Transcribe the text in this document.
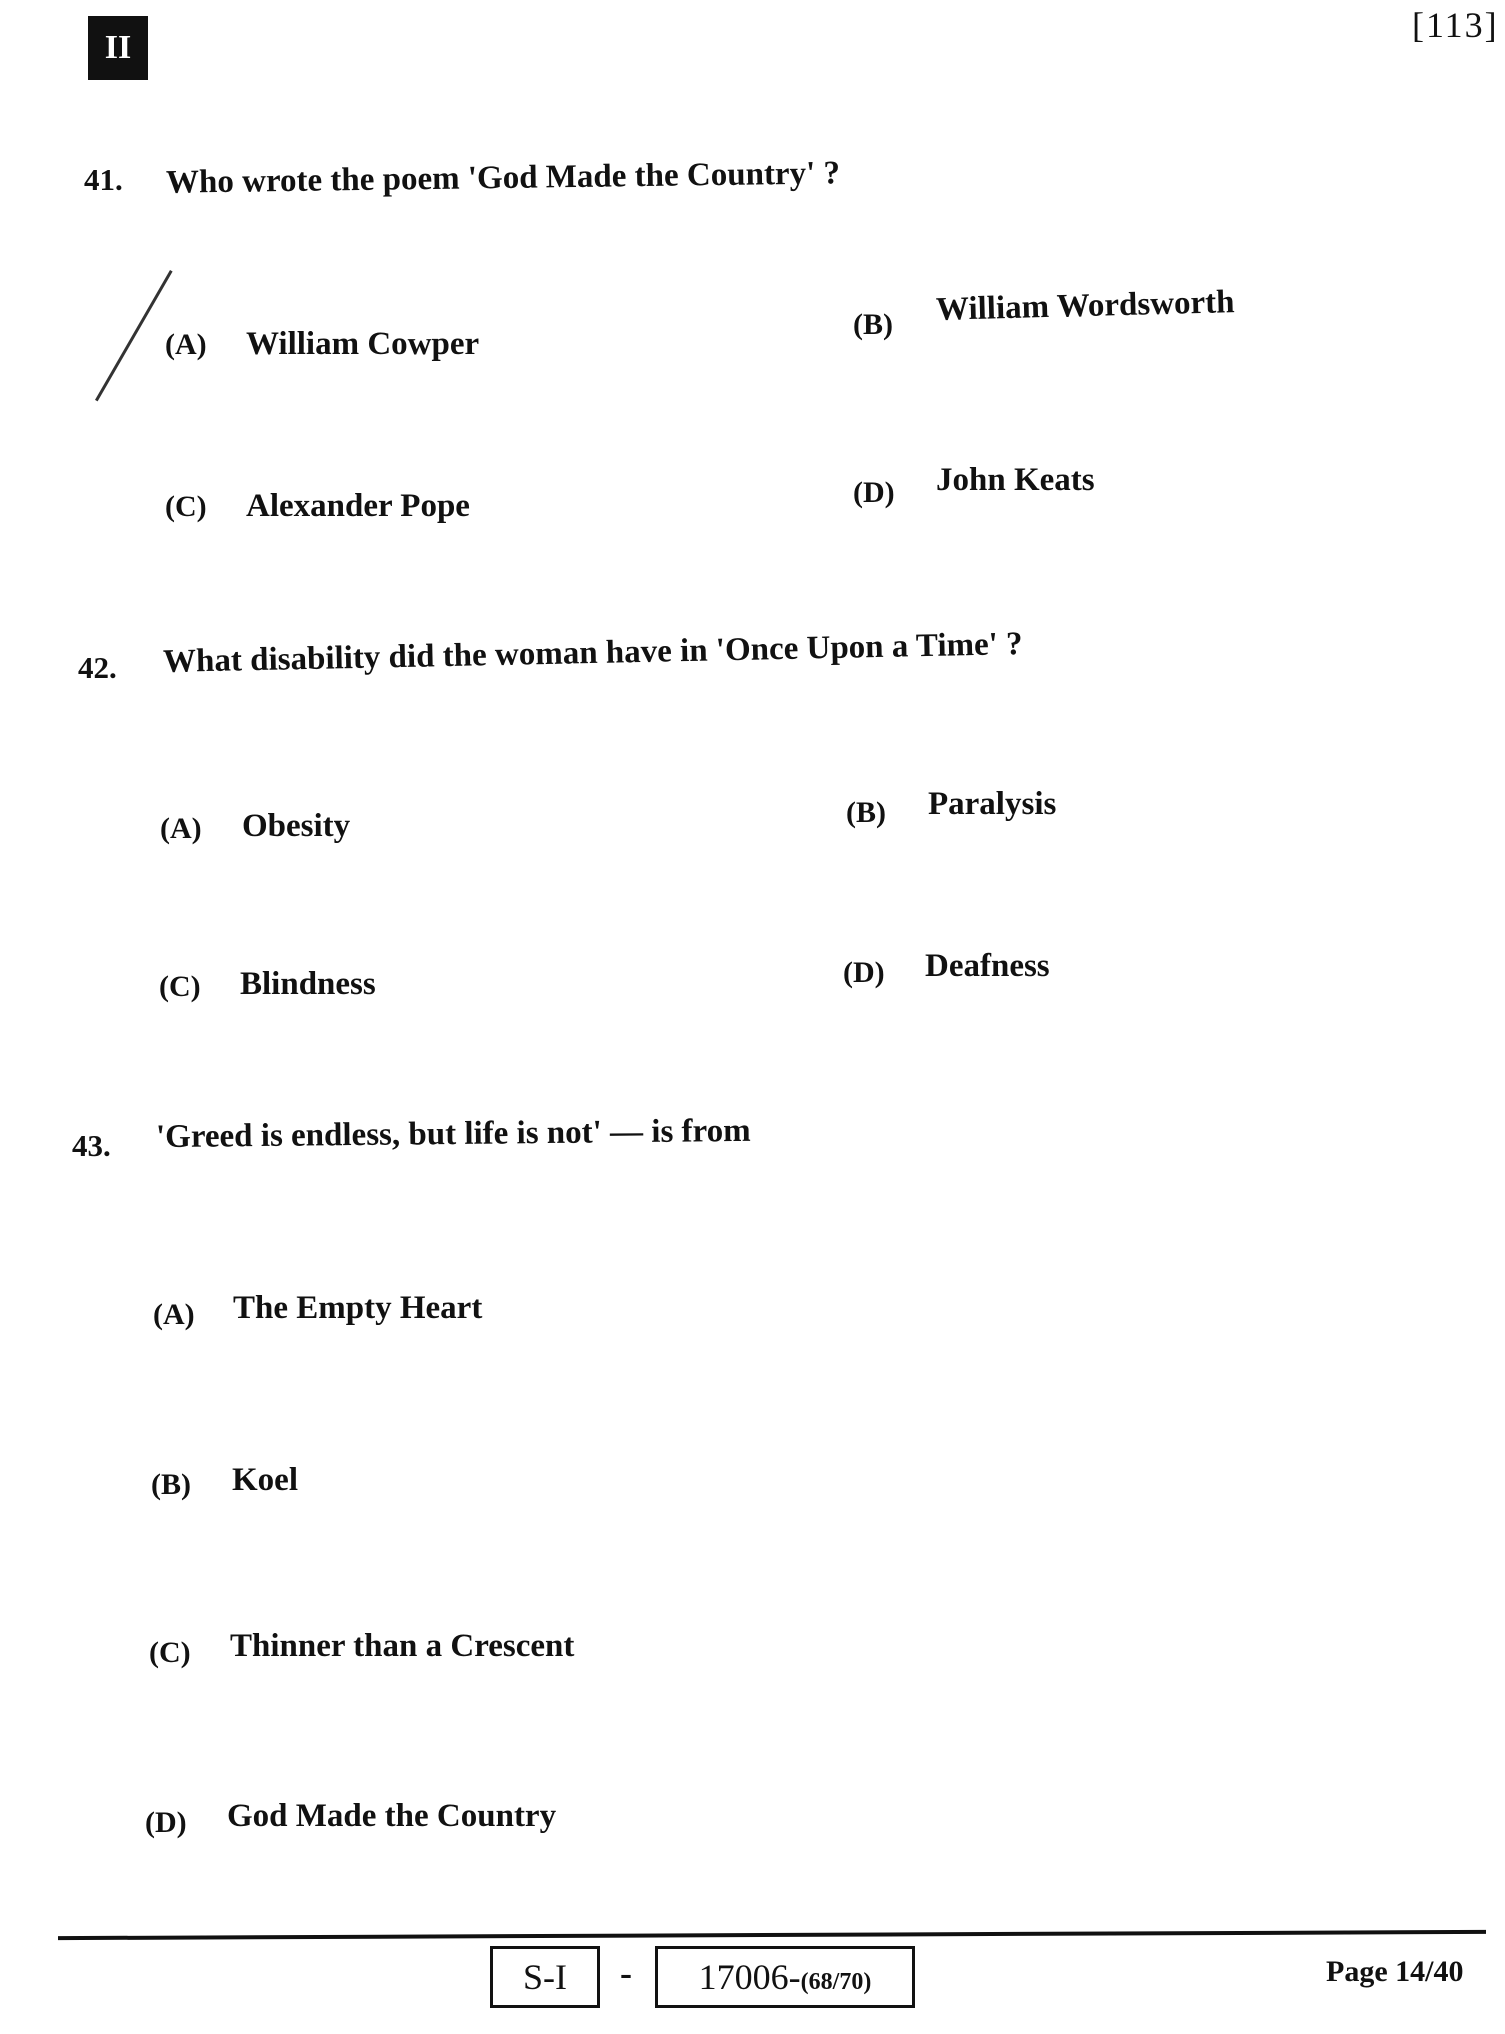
II
[113]
41. Who wrote the poem 'God Made the Country' ?
(A) William Cowper
(B) William Wordsworth
(C) Alexander Pope	(D) John Keats
42. What disability did the woman have in 'Once Upon a Time' ?
(A) Obesity	(B) Paralysis
(C) Blindness	(D) Deafness
43. 'Greed is endless, but life is not' — is from
(A) The Empty Heart
(B) Koel
(C) Thinner than a Crescent
(D) God Made the Country
S-I	-	17006-(68/70)	Page 14/40
